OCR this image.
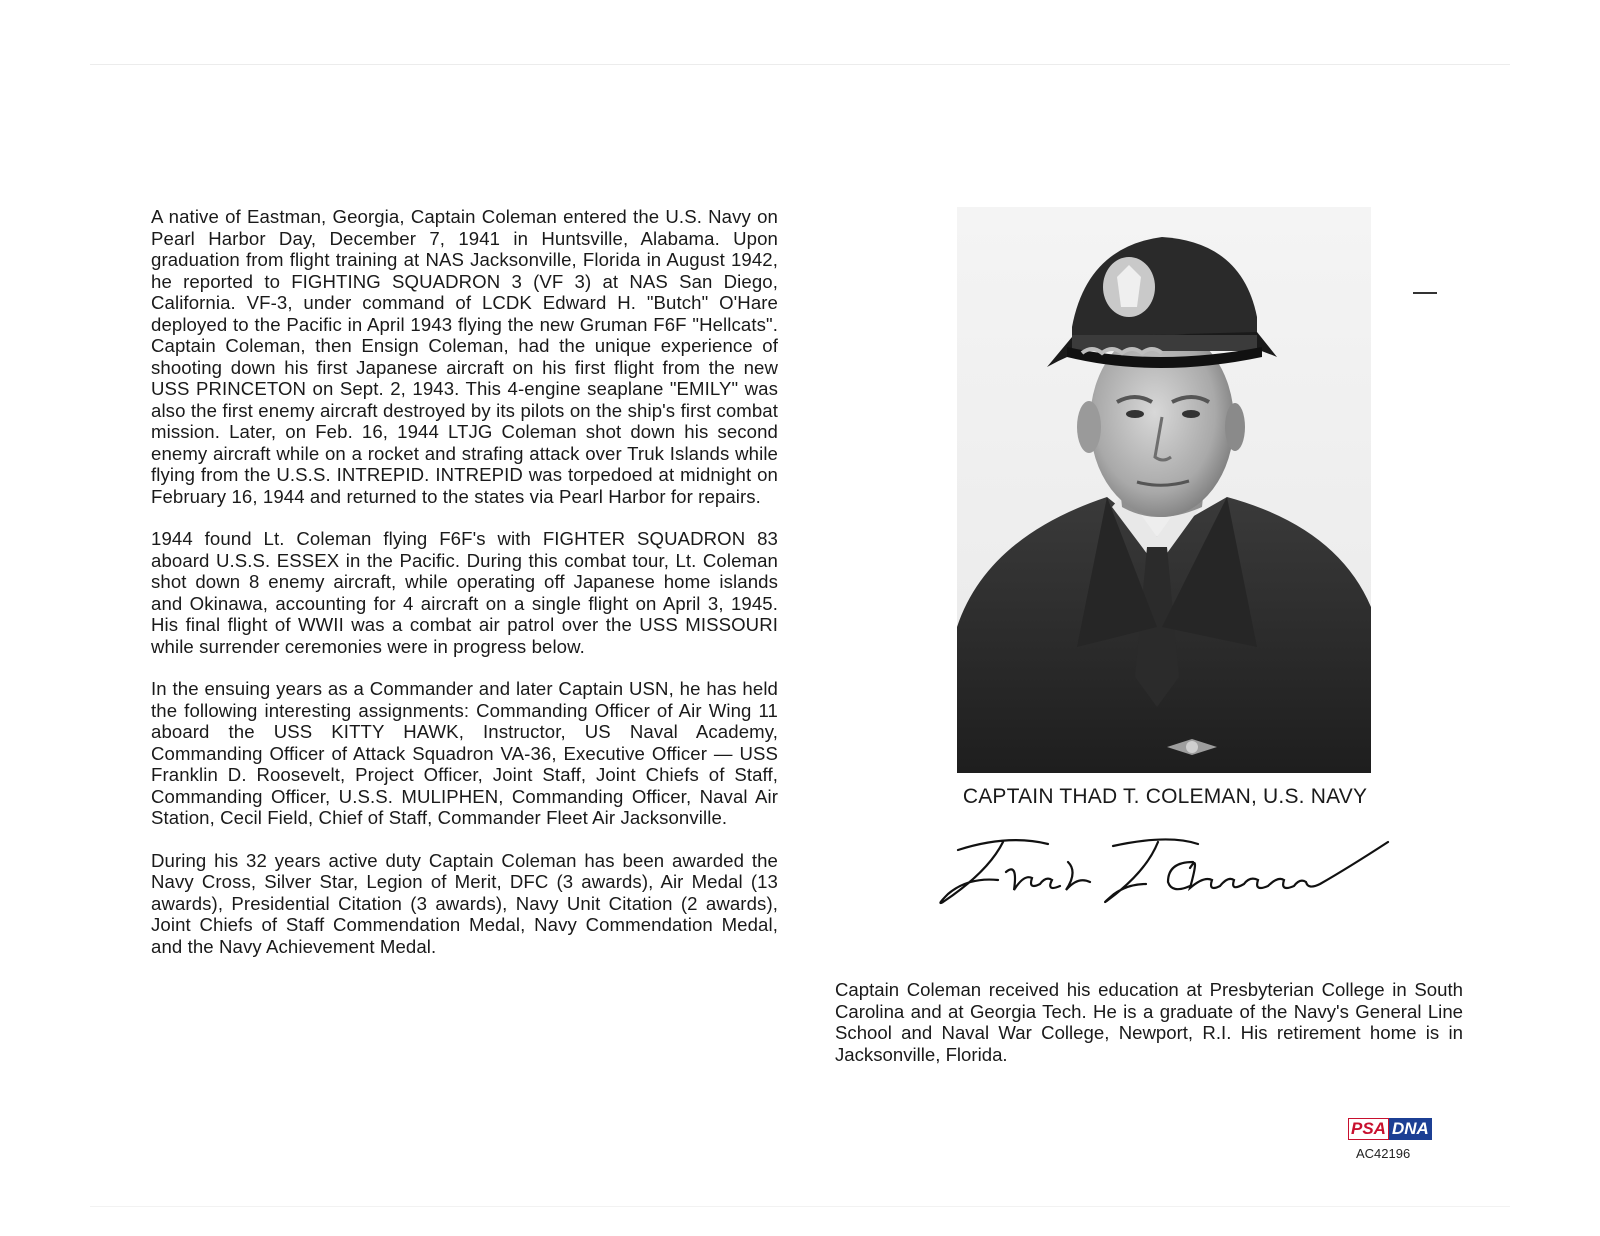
A native of Eastman, Georgia, Captain Coleman entered the U.S. Navy on Pearl Harbor Day, December 7, 1941 in Huntsville, Alabama. Upon graduation from flight training at NAS Jacksonville, Florida in August 1942, he reported to FIGHTING SQUADRON 3 (VF 3) at NAS San Diego, California. VF-3, under command of LCDK Edward H. "Butch" O'Hare deployed to the Pacific in April 1943 flying the new Gruman F6F "Hellcats". Captain Coleman, then Ensign Coleman, had the unique experience of shooting down his first Japanese aircraft on his first flight from the new USS PRINCETON on Sept. 2, 1943. This 4-engine seaplane "EMILY" was also the first enemy aircraft destroyed by its pilots on the ship's first combat mission. Later, on Feb. 16, 1944 LTJG Coleman shot down his second enemy aircraft while on a rocket and strafing attack over Truk Islands while flying from the U.S.S. INTREPID. INTREPID was torpedoed at midnight on February 16, 1944 and returned to the states via Pearl Harbor for repairs.

1944 found Lt. Coleman flying F6F's with FIGHTER SQUADRON 83 aboard U.S.S. ESSEX in the Pacific. During this combat tour, Lt. Coleman shot down 8 enemy aircraft, while operating off Japanese home islands and Okinawa, accounting for 4 aircraft on a single flight on April 3, 1945. His final flight of WWII was a combat air patrol over the USS MISSOURI while surrender ceremonies were in progress below.

In the ensuing years as a Commander and later Captain USN, he has held the following interesting assignments: Commanding Officer of Air Wing 11 aboard the USS KITTY HAWK, Instructor, US Naval Academy, Commanding Officer of Attack Squadron VA-36, Executive Officer — USS Franklin D. Roosevelt, Project Officer, Joint Staff, Joint Chiefs of Staff, Commanding Officer, U.S.S. MULIPHEN, Commanding Officer, Naval Air Station, Cecil Field, Chief of Staff, Commander Fleet Air Jacksonville.

During his 32 years active duty Captain Coleman has been awarded the Navy Cross, Silver Star, Legion of Merit, DFC (3 awards), Air Medal (13 awards), Presidential Citation (3 awards), Navy Unit Citation (2 awards), Joint Chiefs of Staff Commendation Medal, Navy Commendation Medal, and the Navy Achievement Medal.

CAPTAIN THAD T. COLEMAN, U.S. NAVY
Captain Coleman received his education at Presbyterian College in South Carolina and at Georgia Tech. He is a graduate of the Navy's General Line School and Naval War College, Newport, R.I. His retirement home is in Jacksonville, Florida.
PSA DNA
AC42196
